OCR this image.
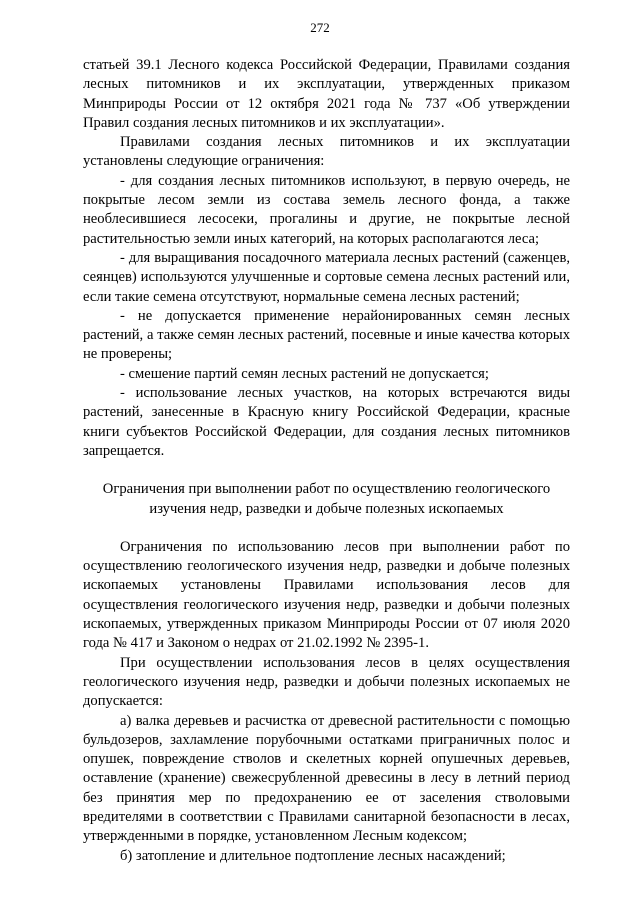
272

статьей 39.1 Лесного кодекса Российской Федерации, Правилами создания лесных питомников и их эксплуатации, утвержденных приказом Минприроды России от 12 октября 2021 года № 737 «Об утверждении Правил создания лесных питомников и их эксплуатации».

Правилами создания лесных питомников и их эксплуатации установлены следующие ограничения:

- для создания лесных питомников используют, в первую очередь, не покрытые лесом земли из состава земель лесного фонда, а также необлесившиеся лесосеки, прогалины и другие, не покрытые лесной растительностью земли иных категорий, на которых располагаются леса;

- для выращивания посадочного материала лесных растений (саженцев, сеянцев) используются улучшенные и сортовые семена лесных растений или, если такие семена отсутствуют, нормальные семена лесных растений;

- не допускается применение нерайонированных семян лесных растений, а также семян лесных растений, посевные и иные качества которых не проверены;

- смешение партий семян лесных растений не допускается;

- использование лесных участков, на которых встречаются виды растений, занесенные в Красную книгу Российской Федерации, красные книги субъектов Российской Федерации, для создания лесных питомников запрещается.

Ограничения при выполнении работ по осуществлению геологического изучения недр, разведки и добыче полезных ископаемых

Ограничения по использованию лесов при выполнении работ по осуществлению геологического изучения недр, разведки и добыче полезных ископаемых установлены Правилами использования лесов для осуществления геологического изучения недр, разведки и добычи полезных ископаемых, утвержденных приказом Минприроды России от 07 июля 2020 года № 417 и Законом о недрах от 21.02.1992 № 2395-1.

При осуществлении использования лесов в целях осуществления геологического изучения недр, разведки и добычи полезных ископаемых не допускается:

а) валка деревьев и расчистка от древесной растительности с помощью бульдозеров, захламление порубочными остатками приграничных полос и опушек, повреждение стволов и скелетных корней опушечных деревьев, оставление (хранение) свежесрубленной древесины в лесу в летний период без принятия мер по предохранению ее от заселения стволовыми вредителями в соответствии с Правилами санитарной безопасности в лесах, утвержденными в порядке, установленном Лесным кодексом;

б) затопление и длительное подтопление лесных насаждений;
